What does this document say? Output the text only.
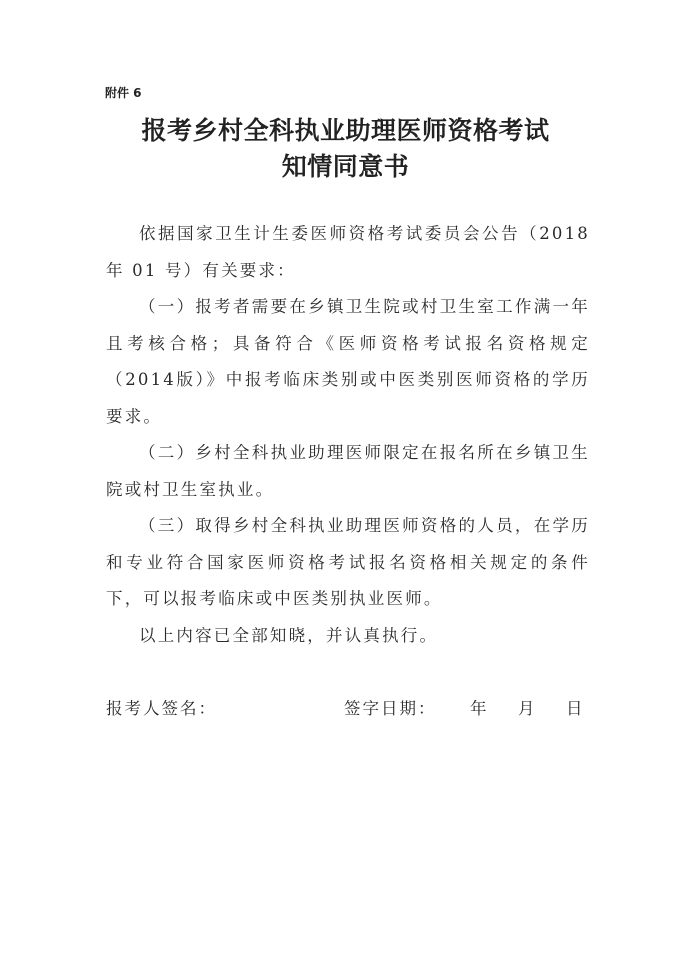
附件 6
报考乡村全科执业助理医师资格考试
知情同意书

依据国家卫生计生委医师资格考试委员会公告（2018年 01 号）有关要求：

（一）报考者需要在乡镇卫生院或村卫生室工作满一年且考核合格；具备符合《医师资格考试报名资格规定（2014版）》中报考临床类别或中医类别医师资格的学历要求。

（二）乡村全科执业助理医师限定在报名所在乡镇卫生院或村卫生室执业。

（三）取得乡村全科执业助理医师资格的人员，在学历和专业符合国家医师资格考试报名资格相关规定的条件下，可以报考临床或中医类别执业医师。

以上内容已全部知晓，并认真执行。

报考人签名：	签字日期： 年 月 日
